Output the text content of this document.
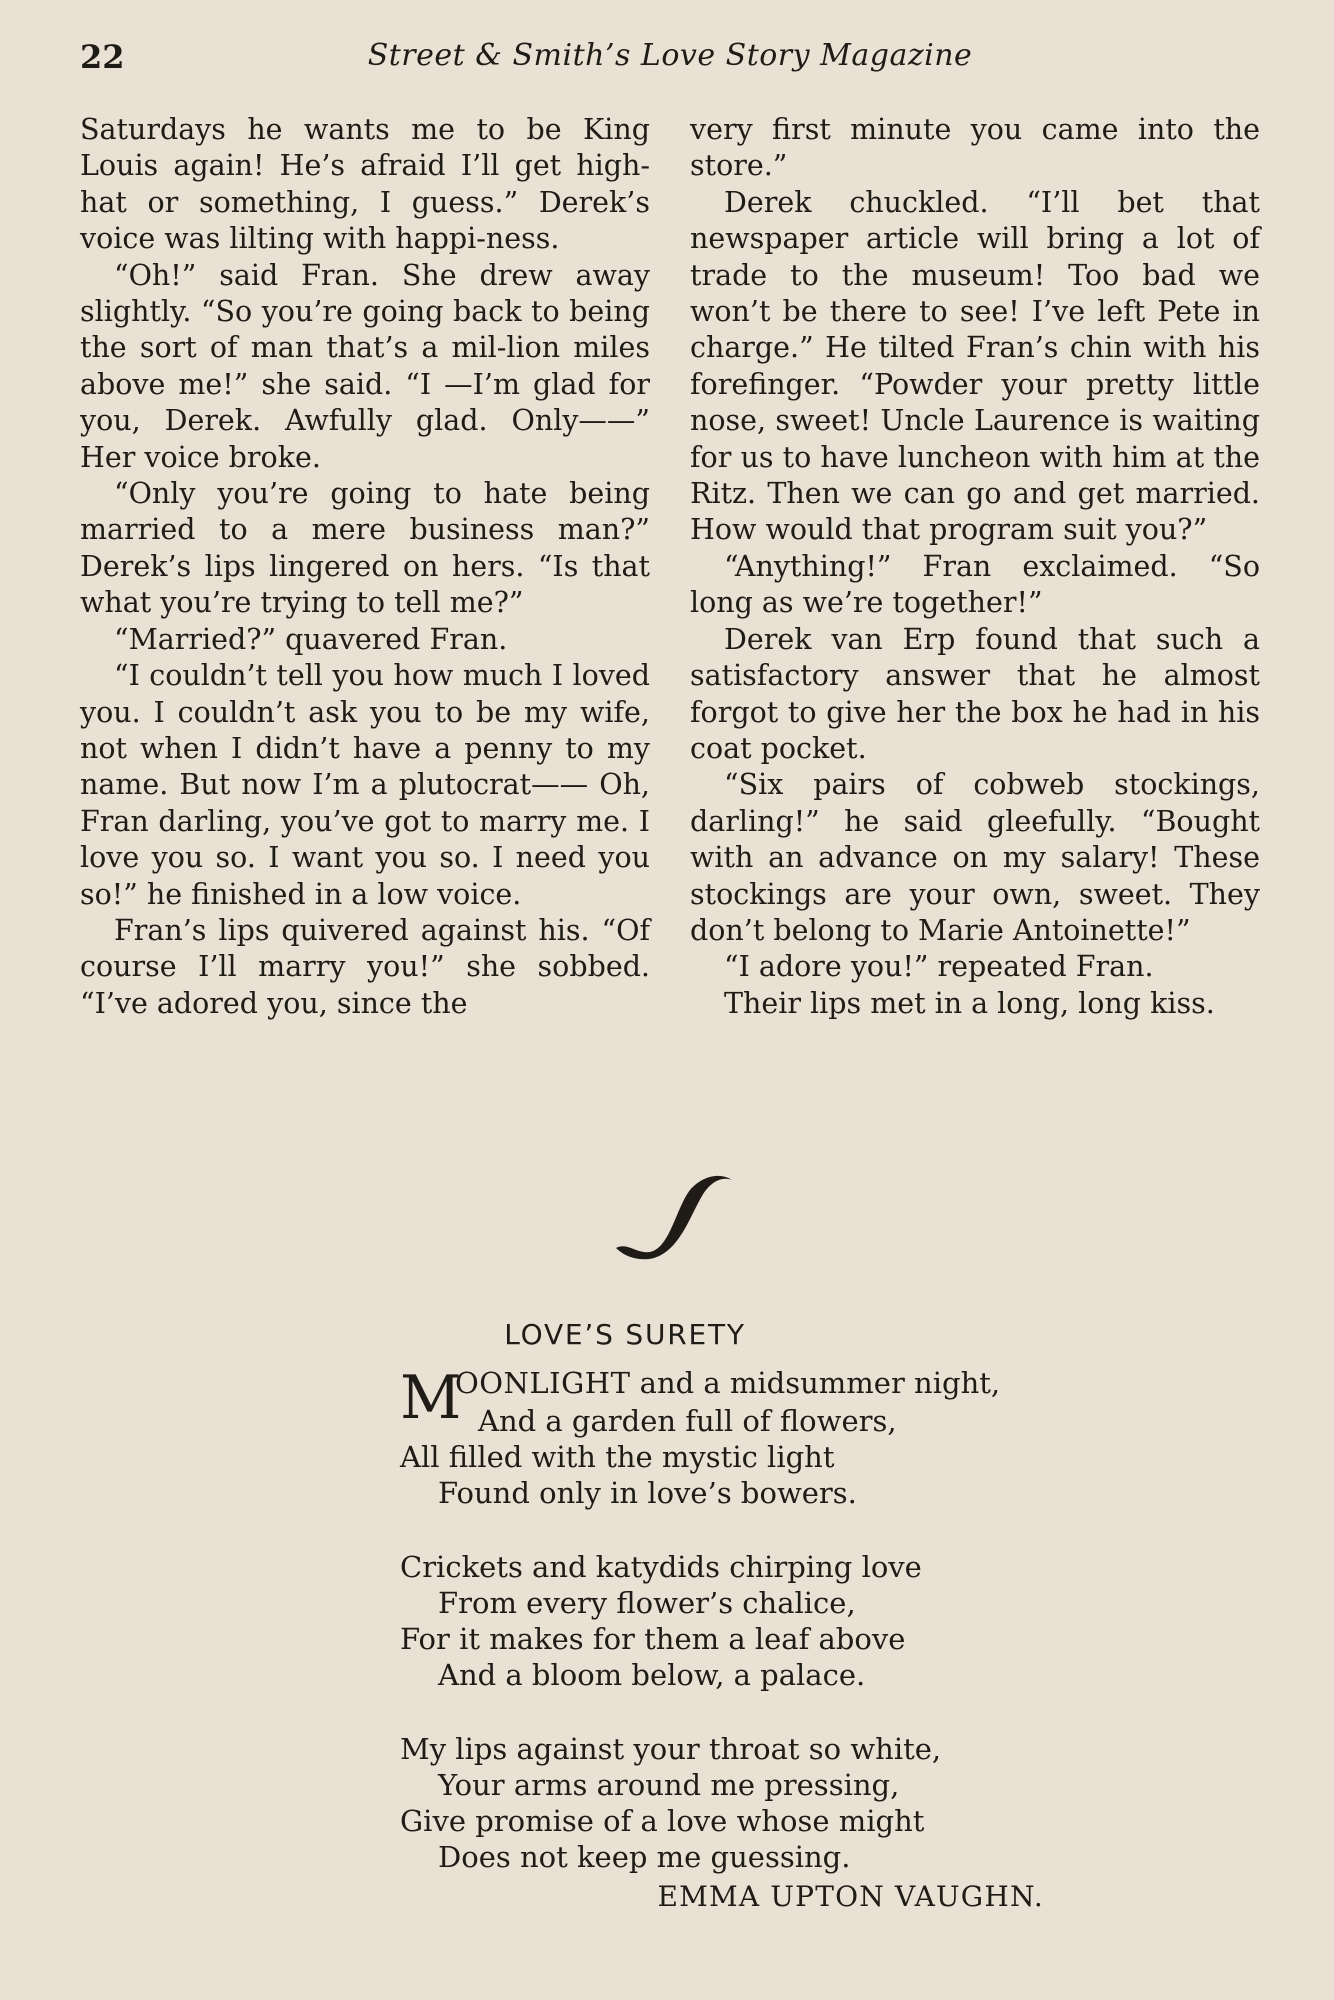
22	Street & Smith’s Love Story Magazine

Saturdays he wants me to be King Louis again! He’s afraid I’ll get high-hat or something, I guess.” Derek’s voice was lilting with happi-ness.

“Oh!” said Fran. She drew away slightly. “So you’re going back to being the sort of man that’s a mil-lion miles above me!” she said. “I —I’m glad for you, Derek. Awfully glad. Only——” Her voice broke.

“Only you’re going to hate being married to a mere business man?” Derek’s lips lingered on hers. “Is that what you’re trying to tell me?”

“Married?” quavered Fran.

“I couldn’t tell you how much I loved you. I couldn’t ask you to be my wife, not when I didn’t have a penny to my name. But now I’m a plutocrat—— Oh, Fran darling, you’ve got to marry me. I love you so. I want you so. I need you so!” he finished in a low voice.

Fran’s lips quivered against his. “Of course I’ll marry you!” she sobbed. “I’ve adored you, since the

very first minute you came into the store.”

Derek chuckled. “I’ll bet that newspaper article will bring a lot of trade to the museum! Too bad we won’t be there to see! I’ve left Pete in charge.” He tilted Fran’s chin with his forefinger. “Powder your pretty little nose, sweet! Uncle Laurence is waiting for us to have luncheon with him at the Ritz. Then we can go and get married. How would that program suit you?”

“Anything!” Fran exclaimed. “So long as we’re together!”

Derek van Erp found that such a satisfactory answer that he almost forgot to give her the box he had in his coat pocket.

“Six pairs of cobweb stockings, darling!” he said gleefully. “Bought with an advance on my salary! These stockings are your own, sweet. They don’t belong to Marie Antoinette!”

“I adore you!” repeated Fran.

Their lips met in a long, long kiss.

LOVE’S SURETY
M
OONLIGHT and a midsummer night,
And a garden full of flowers,
All filled with the mystic light
Found only in love’s bowers.
Crickets and katydids chirping love
From every flower’s chalice,
For it makes for them a leaf above
And a bloom below, a palace.
My lips against your throat so white,
Your arms around me pressing,
Give promise of a love whose might
Does not keep me guessing.
EMMA UPTON VAUGHN.
